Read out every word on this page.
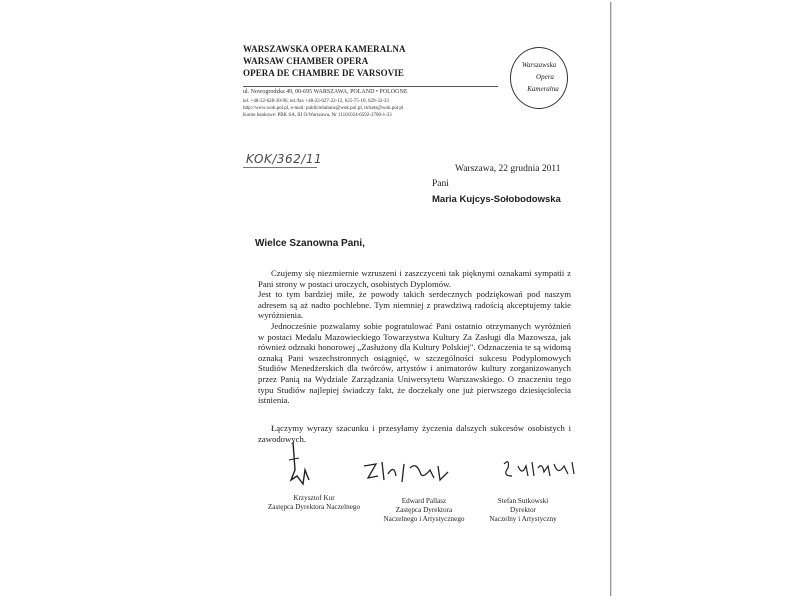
WARSZAWSKA OPERA KAMERALNA
WARSAW CHAMBER OPERA
OPERA DE CHAMBRE DE VARSOVIE
ul. Nowogrodzka 49, 00-695 WARSZAWA, POLAND • POLOGNE
tel. +48-22-628-30-96, tel./fax +48-22-627-22-12, 625-75-10, 629-32-33
http://www.wok.pol.pl, e-mail: publicrelations@wok.pol.pl, tickets@wok.pol.pl
Konto bankowe: PBK SA, III O/Warszawa, Nr 11101024-6592-2700-1-33
Warszawska
Opera
Kameralna
KOK/362/11
Warszawa, 22 grudnia 2011
Pani
Maria Kujcys-Sołobodowska
Wielce Szanowna Pani,

Czujemy się niezmiernie wzruszeni i zaszczyceni tak pięknymi oznakami sympatii z Pani strony w postaci uroczych, osobistych Dyplomów.

Jest to tym bardziej miłe, że powody takich serdecznych podziękowań pod naszym adresem są aż nadto pochlebne. Tym niemniej z prawdziwą radością akceptujemy takie wyróżnienia.

Jednocześnie pozwalamy sobie pogratulować Pani ostatnio otrzymanych wyróżnień w postaci Medalu Mazowieckiego Towarzystwa Kultury Za Zasługi dla Mazowsza, jak również odznaki honorowej „Zasłużony dla Kultury Polskiej". Odznaczenia te są widomą oznaką Pani wszechstronnych osiągnięć, w szczególności sukcesu Podyplomowych Studiów Menedżerskich dla twórców, artystów i animatorów kultury zorganizowanych przez Panią na Wydziale Zarządzania Uniwersytetu Warszawskiego. O znaczeniu tego typu Studiów najlepiej świadczy fakt, że doczekały one już pierwszego dziesięciolecia istnienia.

Łączymy wyrazy szacunku i przesyłamy życzenia dalszych sukcesów osobistych i zawodowych.

Krzysztof Kur
Zastępca Dyrektora Naczelnego
Edward Pallasz
Zastępca Dyrektora
Naczelnego i Artystycznego
Stefan Sutkowski
Dyrektor
Naczelny i Artystyczny
